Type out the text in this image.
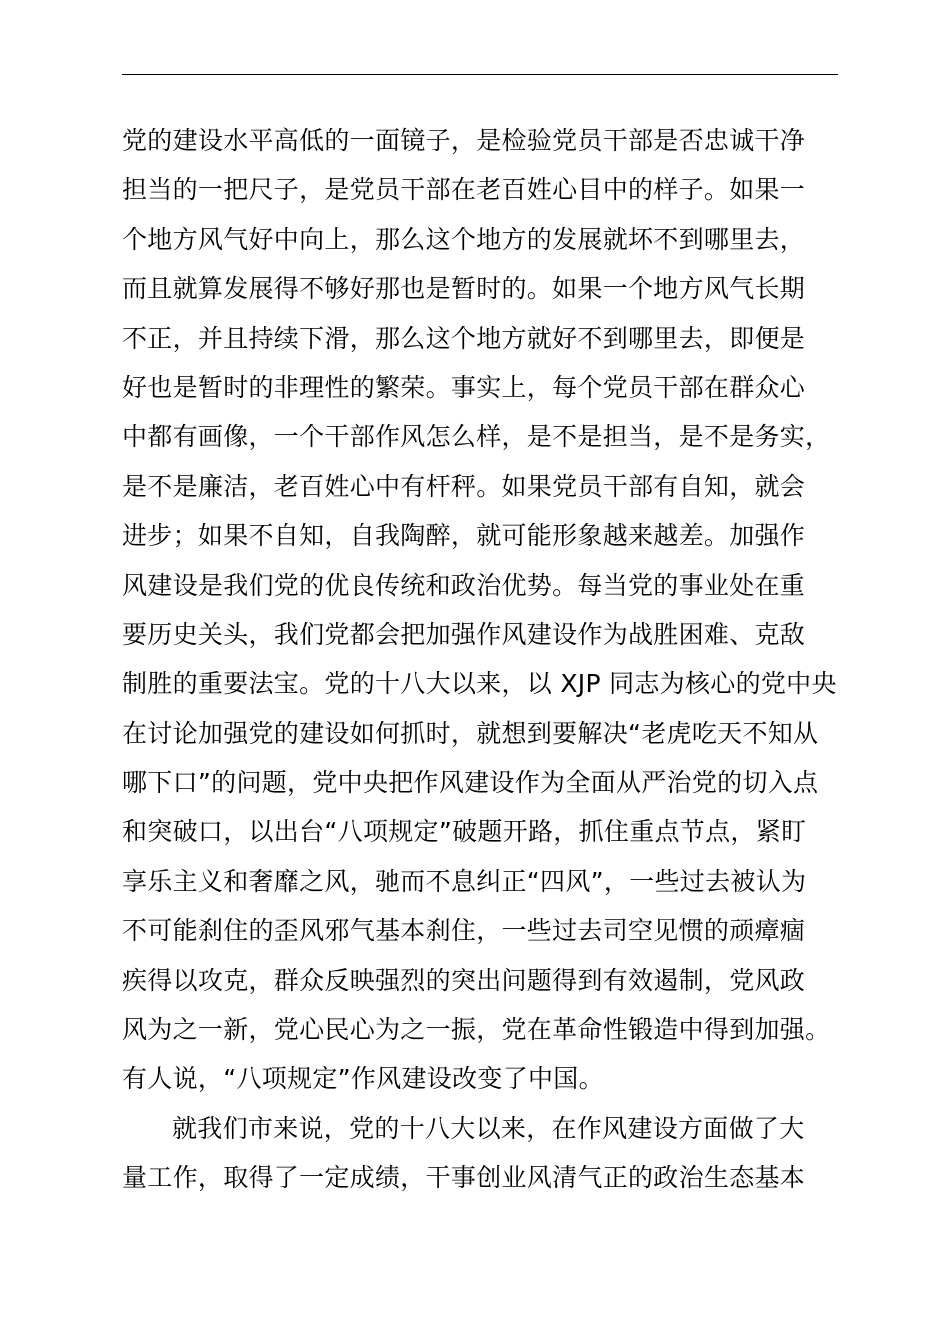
党的建设水平高低的一面镜子，是检验党员干部是否忠诚干净
担当的一把尺子，是党员干部在老百姓心目中的样子。如果一
个地方风气好中向上，那么这个地方的发展就坏不到哪里去，
而且就算发展得不够好那也是暂时的。如果一个地方风气长期
不正，并且持续下滑，那么这个地方就好不到哪里去，即便是
好也是暂时的非理性的繁荣。事实上，每个党员干部在群众心
中都有画像，一个干部作风怎么样，是不是担当，是不是务实，
是不是廉洁，老百姓心中有杆秤。如果党员干部有自知，就会
进步；如果不自知，自我陶醉，就可能形象越来越差。加强作
风建设是我们党的优良传统和政治优势。每当党的事业处在重
要历史关头，我们党都会把加强作风建设作为战胜困难、克敌
制胜的重要法宝。党的十八大以来，以 XJP 同志为核心的党中央
在讨论加强党的建设如何抓时，就想到要解决“老虎吃天不知从
哪下口”的问题，党中央把作风建设作为全面从严治党的切入点
和突破口，以出台“八项规定”破题开路，抓住重点节点，紧盯
享乐主义和奢靡之风，驰而不息纠正“四风”，一些过去被认为
不可能刹住的歪风邪气基本刹住，一些过去司空见惯的顽瘴痼
疾得以攻克，群众反映强烈的突出问题得到有效遏制，党风政
风为之一新，党心民心为之一振，党在革命性锻造中得到加强。
有人说，“八项规定”作风建设改变了中国。
就我们市来说，党的十八大以来，在作风建设方面做了大
量工作，取得了一定成绩，干事创业风清气正的政治生态基本
